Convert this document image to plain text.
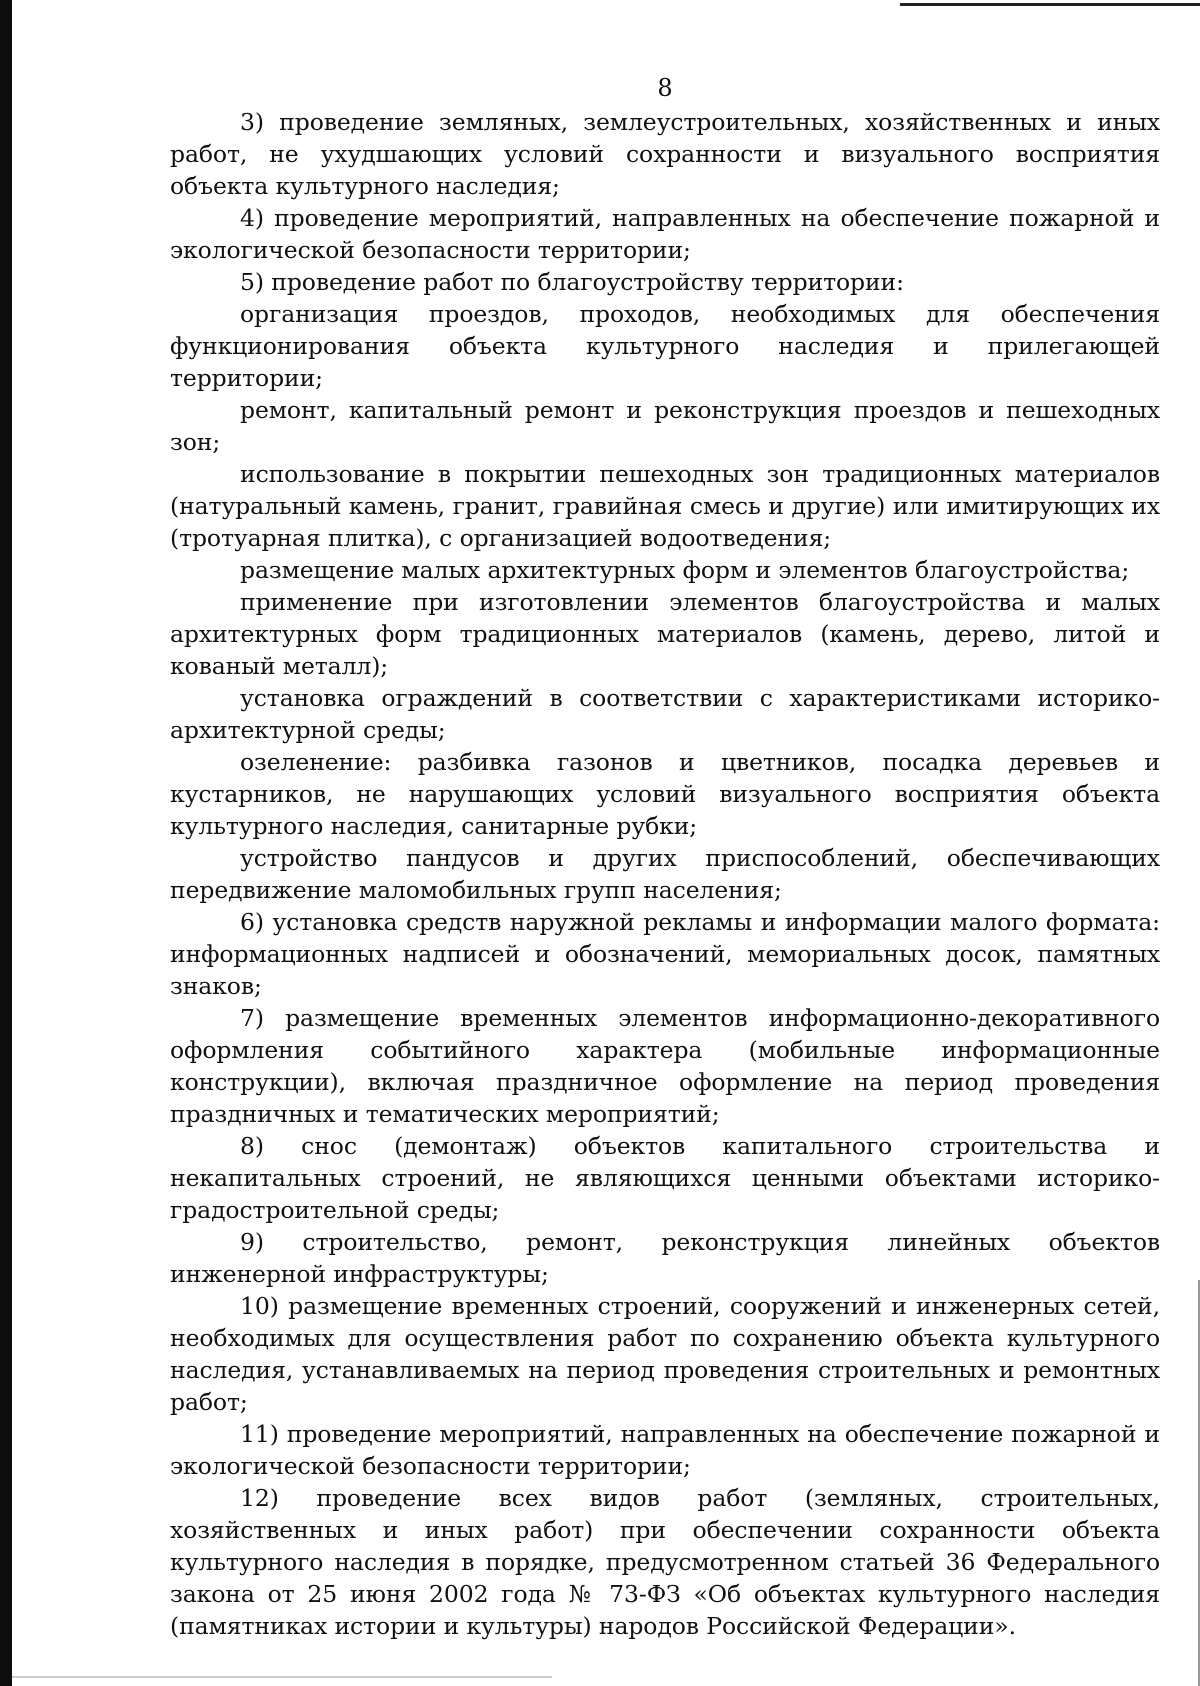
8

3) проведение земляных, землеустроительных, хозяйственных и иных работ, не ухудшающих условий сохранности и визуального восприятия объекта культурного наследия;

4) проведение мероприятий, направленных на обеспечение пожарной и экологической безопасности территории;

5) проведение работ по благоустройству территории:

организация проездов, проходов, необходимых для обеспечения функционирования объекта культурного наследия и прилегающей территории;

ремонт, капитальный ремонт и реконструкция проездов и пешеходных зон;

использование в покрытии пешеходных зон традиционных материалов (натуральный камень, гранит, гравийная смесь и другие) или имитирующих их (тротуарная плитка), с организацией водоотведения;

размещение малых архитектурных форм и элементов благоустройства;

применение при изготовлении элементов благоустройства и малых архитектурных форм традиционных материалов (камень, дерево, литой и кованый металл);

установка ограждений в соответствии с характеристиками историко-архитектурной среды;

озеленение: разбивка газонов и цветников, посадка деревьев и кустарников, не нарушающих условий визуального восприятия объекта культурного наследия, санитарные рубки;

устройство пандусов и других приспособлений, обеспечивающих передвижение маломобильных групп населения;

6) установка средств наружной рекламы и информации малого формата: информационных надписей и обозначений, мемориальных досок, памятных знаков;

7) размещение временных элементов информационно-декоративного оформления событийного характера (мобильные информационные конструкции), включая праздничное оформление на период проведения праздничных и тематических мероприятий;

8) снос (демонтаж) объектов капитального строительства и некапитальных строений, не являющихся ценными объектами историко-градостроительной среды;

9) строительство, ремонт, реконструкция линейных объектов инженерной инфраструктуры;

10) размещение временных строений, сооружений и инженерных сетей, необходимых для осуществления работ по сохранению объекта культурного наследия, устанавливаемых на период проведения строительных и ремонтных работ;

11) проведение мероприятий, направленных на обеспечение пожарной и экологической безопасности территории;

12) проведение всех видов работ (земляных, строительных, хозяйственных и иных работ) при обеспечении сохранности объекта культурного наследия в порядке, предусмотренном статьей 36 Федерального закона от 25 июня 2002 года № 73-ФЗ «Об объектах культурного наследия (памятниках истории и культуры) народов Российской Федерации».
